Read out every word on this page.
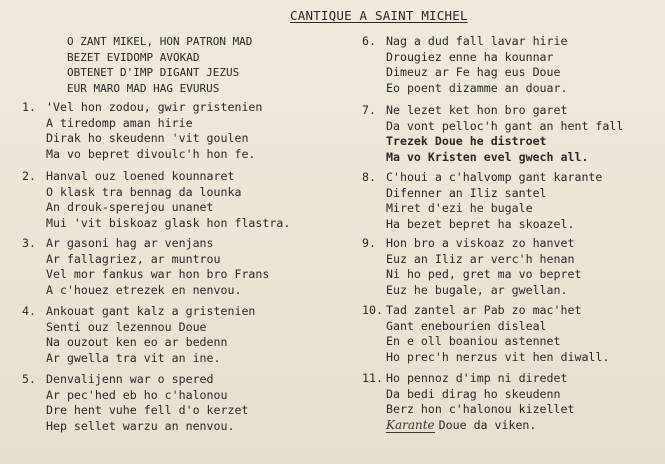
CANTIQUE A SAINT MICHEL
O ZANT MIKEL, HON PATRON MAD
BEZET EVIDOMP AVOKAD
OBTENET D'IMP DIGANT JEZUS
EUR MARO MAD HAG EVURUS
1. 'Vel hon zodou, gwir gristenien
A tiredomp aman hirie
Dirak ho skeudenn 'vit goulen
Ma vo bepret divoulc'h hon fe.
2. Hanval ouz loened kounnaret
O klask tra bennag da lounka
An drouk-sperejou unanet
Mui 'vit biskoaz glask hon flastra.
3. Ar gasoni hag ar venjans
Ar fallagriez, ar muntrou
Vel mor fankus war hon bro Frans
A c'houez etrezek en nenvou.
4. Ankouat gant kalz a gristenien
Senti ouz lezennou Doue
Na ouzout ken eo ar bedenn
Ar gwella tra vit an ine.
5. Denvalijenn war o spered
Ar pec'hed eb ho c'halonou
Dre hent vuhe fell d'o kerzet
Hep sellet warzu an nenvou.
6. Nag a dud fall lavar hirie
Drougiez enne ha kounnar
Dimeuz ar Fe hag eus Doue
Eo poent dizamme an douar.
7. Ne lezet ket hon bro garet
Da vont pelloc'h gant an hent fall
Trezek Doue he distroet
Ma vo Kristen evel gwech all.
8. C'houi a c'halvomp gant karante
Difenner an Iliz santel
Miret d'ezi he bugale
Ha bezet bepret ha skoazel.
9. Hon bro a viskoaz zo hanvet
Euz an Iliz ar verc'h henan
Ni ho ped, gret ma vo bepret
Euz he bugale, ar gwellan.
10. Tad zantel ar Pab zo mac'het
Gant enebourien disleal
En e oll boaniou astennet
Ho prec'h nerzus vit hen diwall.
11. Ho pennoz d'imp ni diredet
Da bedi dirag ho skeudenn
Berz hon c'halonou kizellet
Karante Doue da viken.
